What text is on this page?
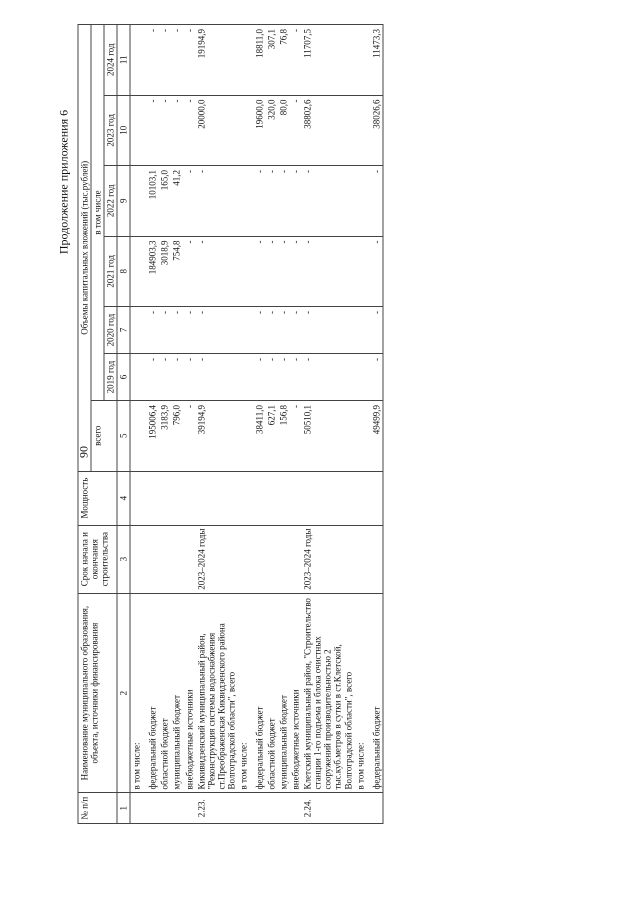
90
Продолжение приложения 6
№ п/п	Наименование муниципального образования, объекта, источники финансирования	Срок начала и окончания строительства	Мощность	Объемы капитальных вложений (тыс.рублей)						
				всего	в том числе					
					2019 год	2020 год	2021 год	2022 год	2023 год	2024 год
1	2	3	4	5	6	7	8	9	10	11
	в том числе:									
	федеральный бюджет			195006,4	-	-	184903,3	10103,1	-	-
	областной бюджет			3183,9	-	-	3018,9	165,0	-	-
	муниципальный бюджет			796,0	-	-	754,8	41,2	-	-
	внебюджетные источники			-	-	-	-	-	-	-
2.23.	Кикивидзенский муниципальный район, "Реконструкция системы водоснабжения ст.Преображенская Киквидзенского района Волгоградской области", всего	2023–2024 годы		39194,9	-	-	-	-	20000,0	19194,9
	в том числе:									
	федеральный бюджет			38411,0	-	-	-	-	19600,0	18811,0
	областной бюджет			627,1	-	-	-	-	320,0	307,1
	муниципальный бюджет			156,8	-	-	-	-	80,0	76,8
	внебюджетные источники			-	-	-	-	-	-	-
2.24.	Клетский муниципальный район, "Строительство станции 1-го подъема и блока очистных сооружений производительностью 2 тыс.куб.метров в сутки в ст.Клетской, Волгоградской области", всего	2023–2024 годы		50510,1	-	-	-	-	38802,6	11707,5
	в том числе:									
	федеральный бюджет			49499,9	-	-	-	-	38026,6	11473,3
